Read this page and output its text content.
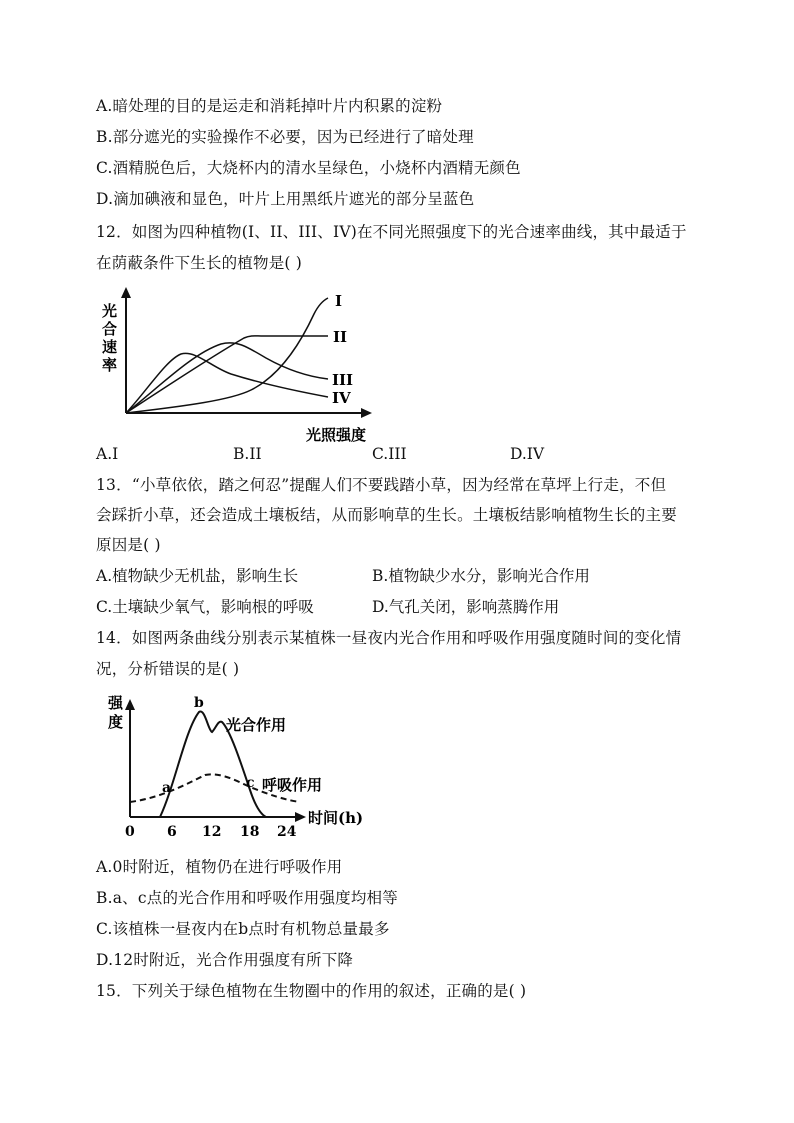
A.暗处理的目的是运走和消耗掉叶片内积累的淀粉
B.部分遮光的实验操作不必要，因为已经进行了暗处理
C.酒精脱色后，大烧杯内的清水呈绿色，小烧杯内酒精无颜色
D.滴加碘液和显色，叶片上用黑纸片遮光的部分呈蓝色
12．如图为四种植物(I、II、III、IV)在不同光照强度下的光合速率曲线，其中最适于
在荫蔽条件下生长的植物是( )
光
合
速
率
I
II
III
IV
光照强度
A.I	B.II	C.III	D.IV
13．“小草依依，踏之何忍”提醒人们不要践踏小草，因为经常在草坪上行走，不但
会踩折小草，还会造成土壤板结，从而影响草的生长。土壤板结影响植物生长的主要
原因是( )
A.植物缺少无机盐，影响生长	B.植物缺少水分，影响光合作用
C.土壤缺少氧气，影响根的呼吸	D.气孔关闭，影响蒸腾作用
14．如图两条曲线分别表示某植株一昼夜内光合作用和呼吸作用强度随时间的变化情
况，分析错误的是( )
强
度
a
b
c
光合作用
呼吸作用
0 6 12 18 24
时间(h)
A.0时附近，植物仍在进行呼吸作用
B.a、c点的光合作用和呼吸作用强度均相等
C.该植株一昼夜内在b点时有机物总量最多
D.12时附近，光合作用强度有所下降
15．下列关于绿色植物在生物圈中的作用的叙述，正确的是( )
